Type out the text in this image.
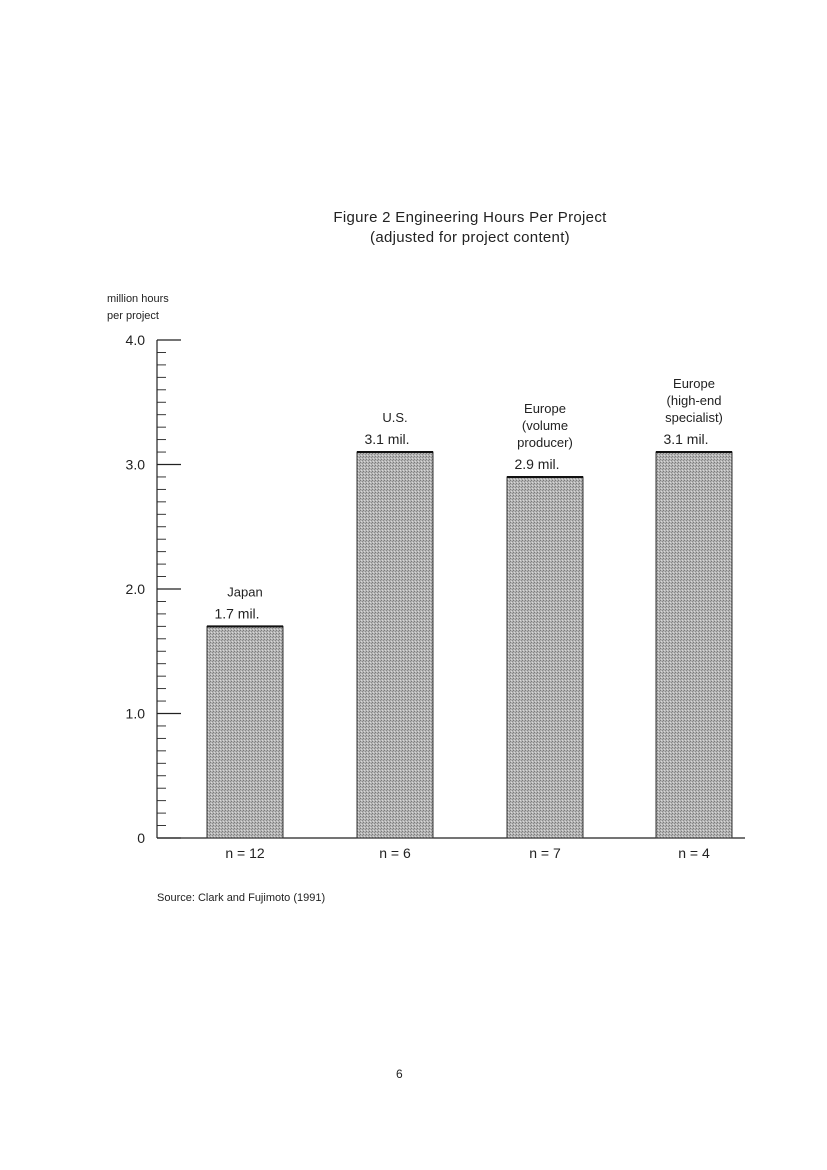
Figure 2 Engineering Hours Per Project
(adjusted for project content)
million hours
per project
0
1.0
2.0
3.0
4.0
1.7 mil.
Japan
n = 12
3.1 mil.
U.S.
n = 6
2.9 mil.
Europe
(volume
producer)
n = 7
3.1 mil.
Europe
(high-end
specialist)
n = 4
Source: Clark and Fujimoto (1991)
6
